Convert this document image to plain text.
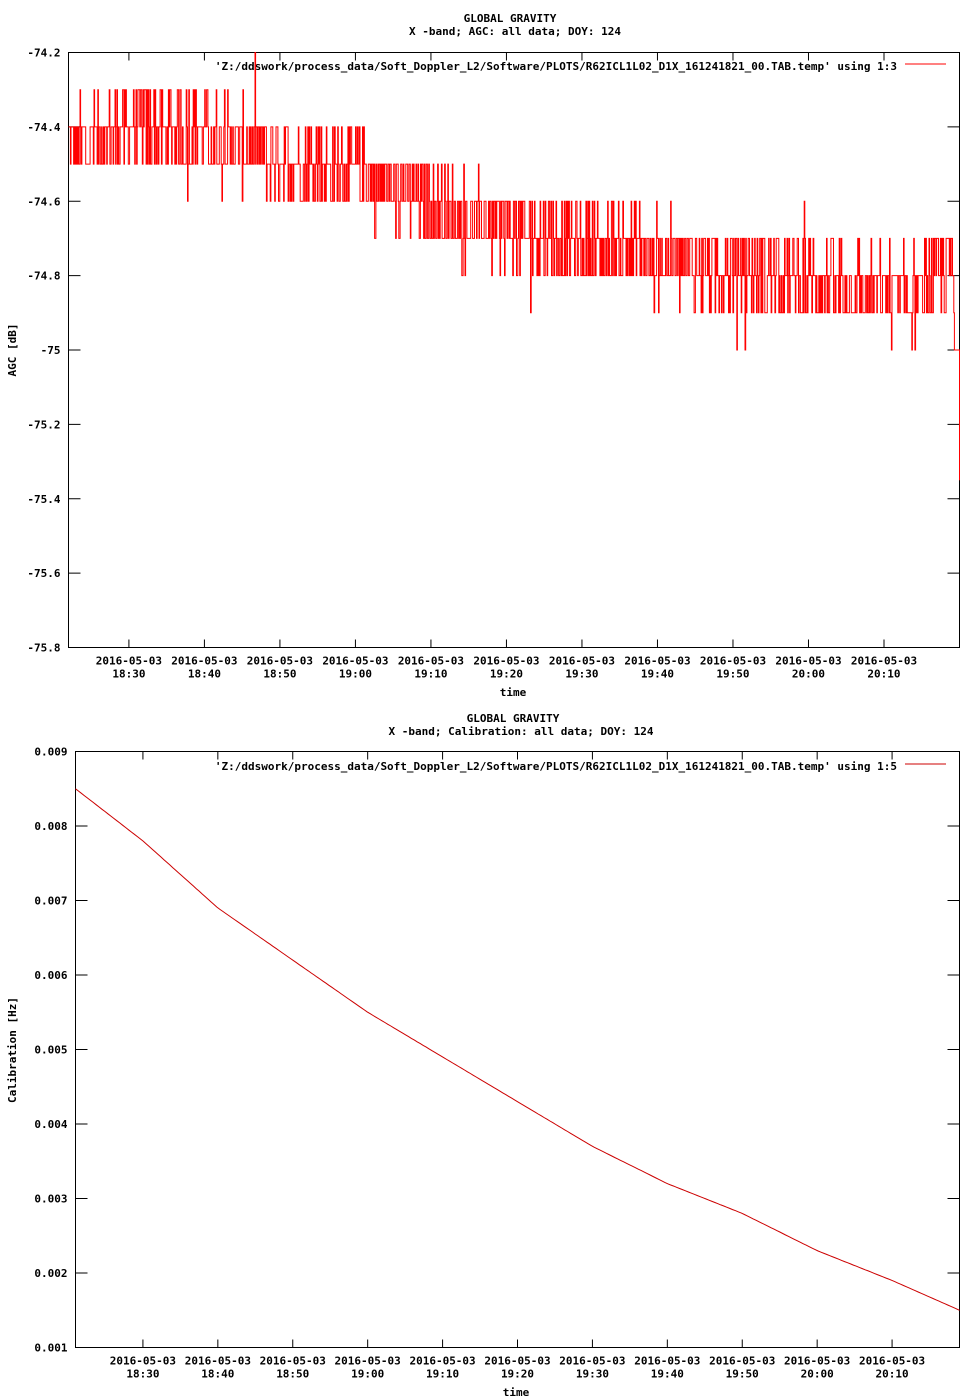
GLOBAL GRAVITY
X -band; AGC: all data; DOY: 124
AGC [dB]
time
'Z:/ddswork/process_data/Soft_Doppler_L2/Software/PLOTS/R62ICL1L02_D1X_161241821_00.TAB.temp' using 1:3
-74.2
-74.4
-74.6
-74.8
-75
-75.2
-75.4
-75.6
-75.8
2016-05-03
18:30
2016-05-03
18:40
2016-05-03
18:50
2016-05-03
19:00
2016-05-03
19:10
2016-05-03
19:20
2016-05-03
19:30
2016-05-03
19:40
2016-05-03
19:50
2016-05-03
20:00
2016-05-03
20:10
GLOBAL GRAVITY
X -band; Calibration: all data; DOY: 124
Calibration [Hz]
time
'Z:/ddswork/process_data/Soft_Doppler_L2/Software/PLOTS/R62ICL1L02_D1X_161241821_00.TAB.temp' using 1:5
0.009
0.008
0.007
0.006
0.005
0.004
0.003
0.002
0.001
2016-05-03
18:30
2016-05-03
18:40
2016-05-03
18:50
2016-05-03
19:00
2016-05-03
19:10
2016-05-03
19:20
2016-05-03
19:30
2016-05-03
19:40
2016-05-03
19:50
2016-05-03
20:00
2016-05-03
20:10
